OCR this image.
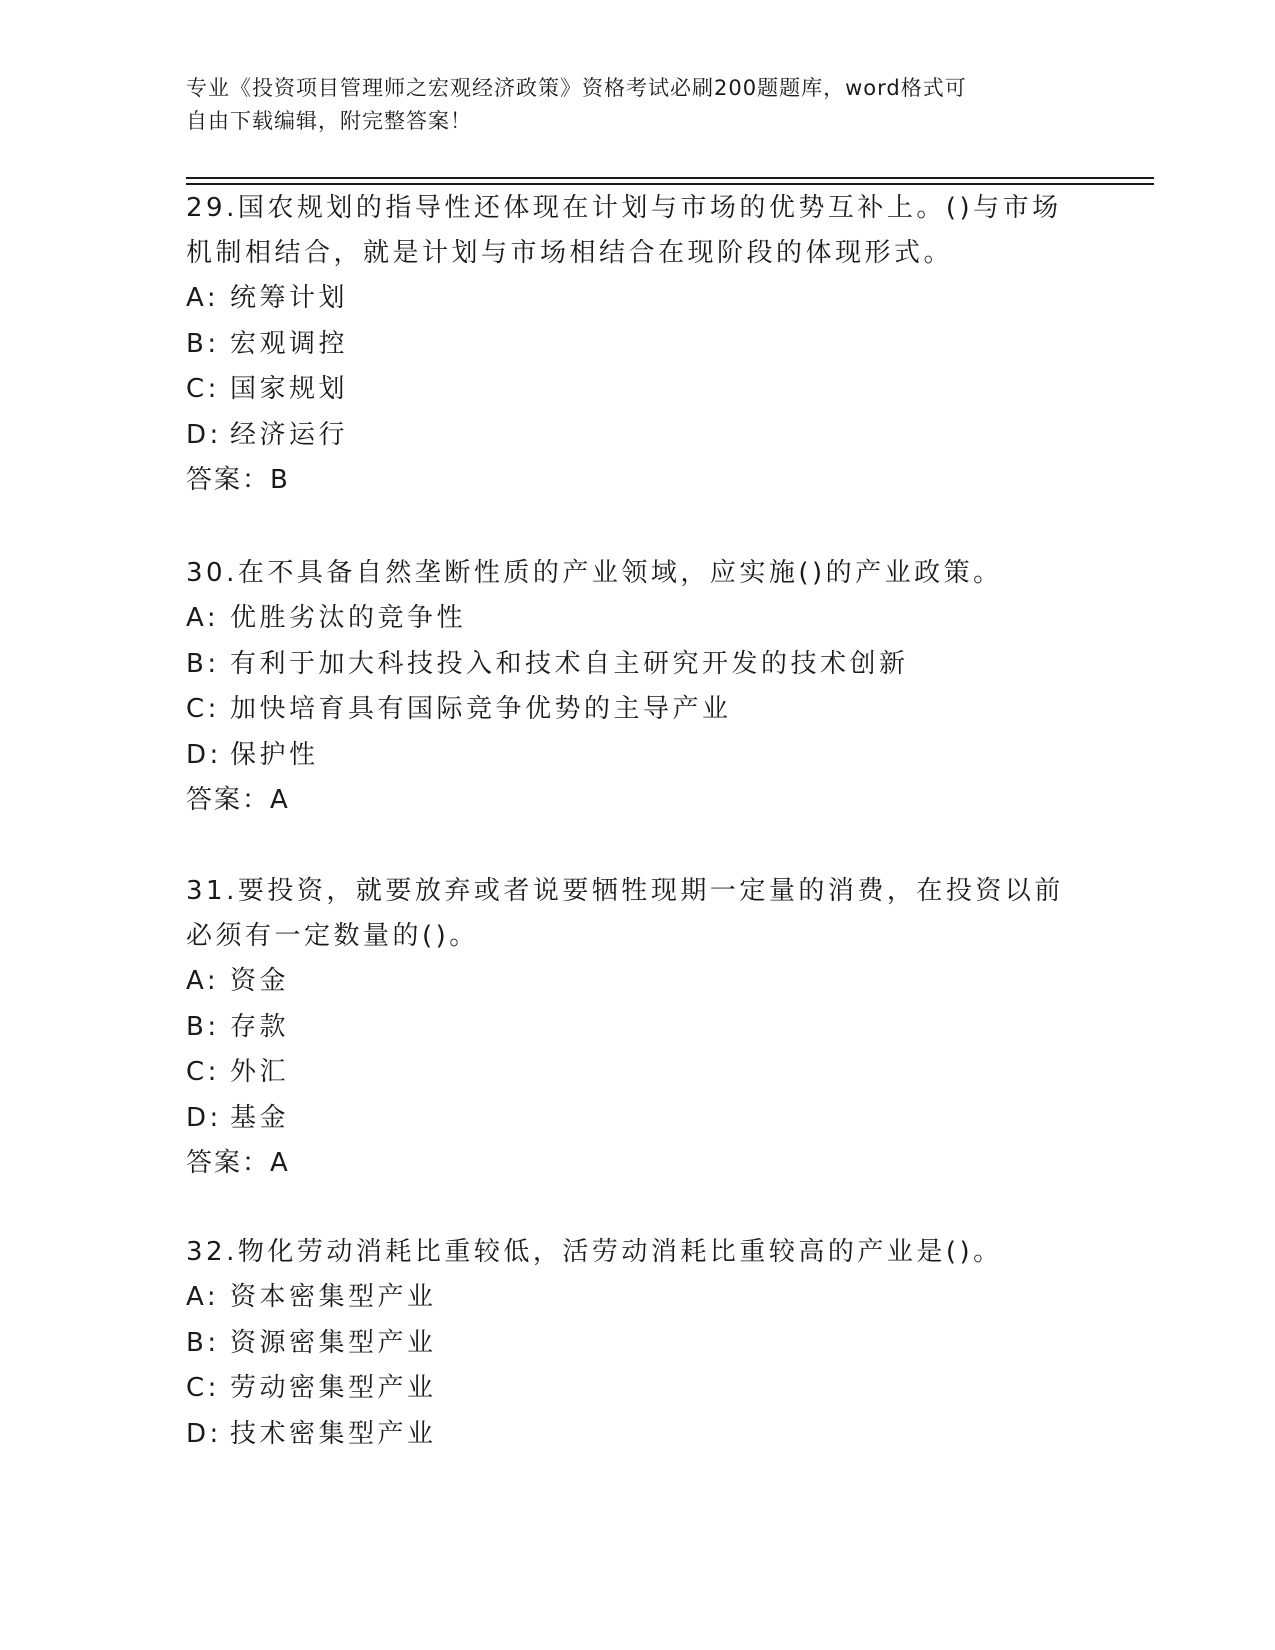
专业《投资项目管理师之宏观经济政策》资格考试必刷200题题库，word格式可
自由下载编辑，附完整答案！

29.国农规划的指导性还体现在计划与市场的优势互补上。()与市场机制相结合，就是计划与市场相结合在现阶段的体现形式。

A: 统筹计划

B: 宏观调控

C: 国家规划

D: 经济运行

答案：B

30.在不具备自然垄断性质的产业领域，应实施()的产业政策。

A: 优胜劣汰的竞争性

B: 有利于加大科技投入和技术自主研究开发的技术创新

C: 加快培育具有国际竞争优势的主导产业

D: 保护性

答案：A

31.要投资，就要放弃或者说要牺牲现期一定量的消费，在投资以前必须有一定数量的()。

A: 资金

B: 存款

C: 外汇

D: 基金

答案：A

32.物化劳动消耗比重较低，活劳动消耗比重较高的产业是()。

A: 资本密集型产业

B: 资源密集型产业

C: 劳动密集型产业

D: 技术密集型产业
